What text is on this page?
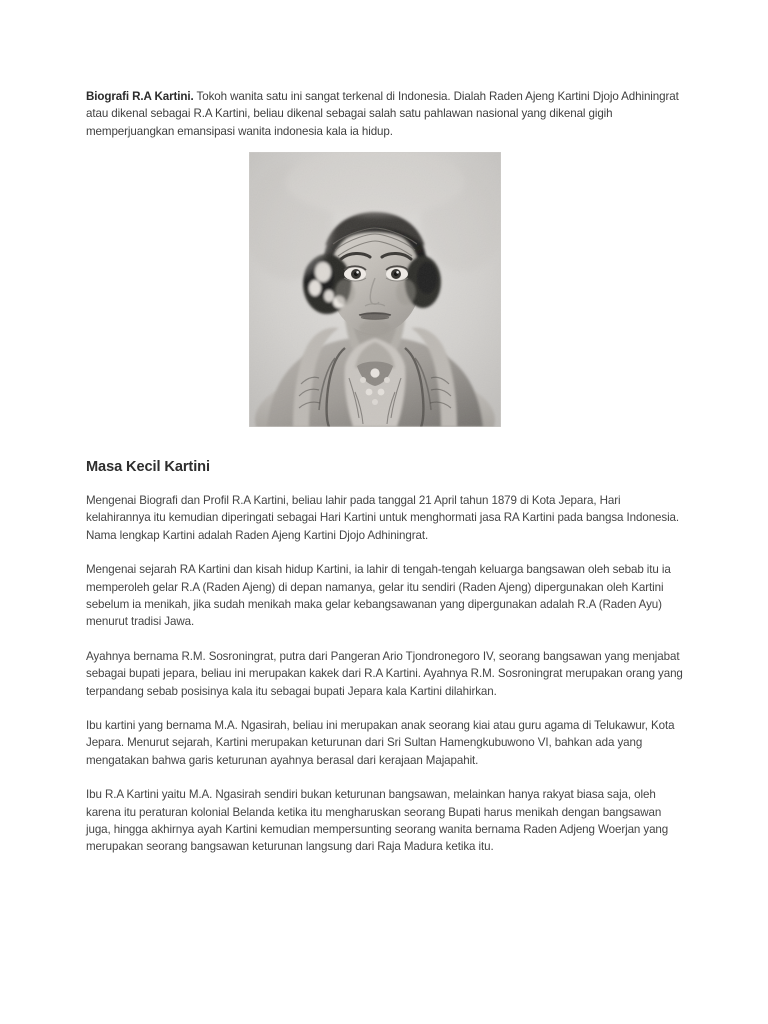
Biografi R.A Kartini. Tokoh wanita satu ini sangat terkenal di Indonesia. Dialah Raden Ajeng Kartini Djojo Adhiningrat atau dikenal sebagai R.A Kartini, beliau dikenal sebagai salah satu pahlawan nasional yang dikenal gigih memperjuangkan emansipasi wanita indonesia kala ia hidup.

Masa Kecil Kartini

Mengenai Biografi dan Profil R.A Kartini, beliau lahir pada tanggal 21 April tahun 1879 di Kota Jepara, Hari kelahirannya itu kemudian diperingati sebagai Hari Kartini untuk menghormati jasa RA Kartini pada bangsa Indonesia. Nama lengkap Kartini adalah Raden Ajeng Kartini Djojo Adhiningrat.

Mengenai sejarah RA Kartini dan kisah hidup Kartini, ia lahir di tengah-tengah keluarga bangsawan oleh sebab itu ia memperoleh gelar R.A (Raden Ajeng) di depan namanya, gelar itu sendiri (Raden Ajeng) dipergunakan oleh Kartini sebelum ia menikah, jika sudah menikah maka gelar kebangsawanan yang dipergunakan adalah R.A (Raden Ayu) menurut tradisi Jawa.

Ayahnya bernama R.M. Sosroningrat, putra dari Pangeran Ario Tjondronegoro IV, seorang bangsawan yang menjabat sebagai bupati jepara, beliau ini merupakan kakek dari R.A Kartini. Ayahnya R.M. Sosroningrat merupakan orang yang terpandang sebab posisinya kala itu sebagai bupati Jepara kala Kartini dilahirkan.

Ibu kartini yang bernama M.A. Ngasirah, beliau ini merupakan anak seorang kiai atau guru agama di Telukawur, Kota Jepara. Menurut sejarah, Kartini merupakan keturunan dari Sri Sultan Hamengkubuwono VI, bahkan ada yang mengatakan bahwa garis keturunan ayahnya berasal dari kerajaan Majapahit.

Ibu R.A Kartini yaitu M.A. Ngasirah sendiri bukan keturunan bangsawan, melainkan hanya rakyat biasa saja, oleh karena itu peraturan kolonial Belanda ketika itu mengharuskan seorang Bupati harus menikah dengan bangsawan juga, hingga akhirnya ayah Kartini kemudian mempersunting seorang wanita bernama Raden Adjeng Woerjan yang merupakan seorang bangsawan keturunan langsung dari Raja Madura ketika itu.
